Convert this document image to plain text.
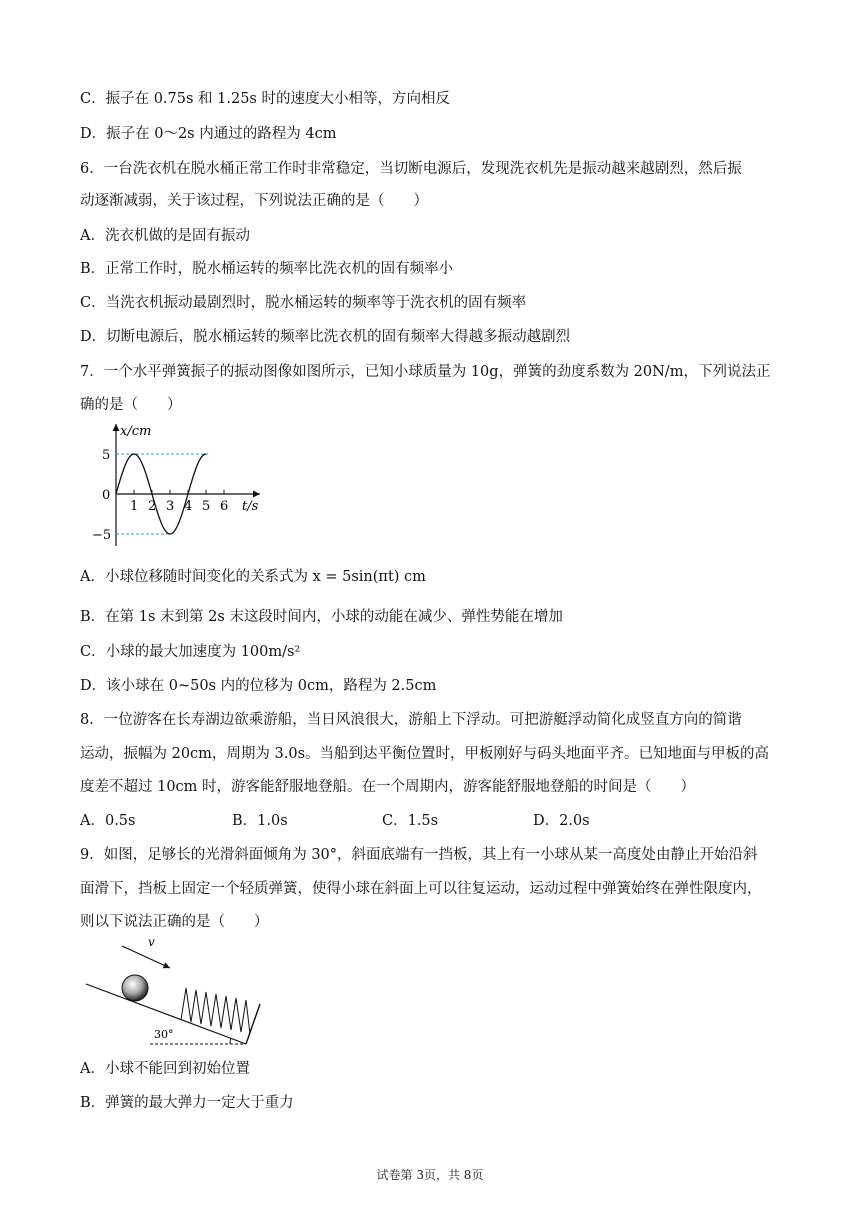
C．振子在 0.75s 和 1.25s 时的速度大小相等，方向相反
D．振子在 0～2s 内通过的路程为 4cm
6．一台洗衣机在脱水桶正常工作时非常稳定，当切断电源后，发现洗衣机先是振动越来越剧烈，然后振
动逐渐减弱，关于该过程，下列说法正确的是（　　）
A．洗衣机做的是固有振动
B．正常工作时，脱水桶运转的频率比洗衣机的固有频率小
C．当洗衣机振动最剧烈时，脱水桶运转的频率等于洗衣机的固有频率
D．切断电源后，脱水桶运转的频率比洗衣机的固有频率大得越多振动越剧烈
7．一个水平弹簧振子的振动图像如图所示，已知小球质量为 10g，弹簧的劲度系数为 20N/m，下列说法正
确的是（　　）
x/cm
t/s
5
0
−5
1 2 3 4 5 6
A．小球位移随时间变化的关系式为 x = 5sin(πt) cm
B．在第 1s 末到第 2s 末这段时间内，小球的动能在减少、弹性势能在增加
C．小球的最大加速度为 100m/s²
D．该小球在 0~50s 内的位移为 0cm，路程为 2.5cm
8．一位游客在长寿湖边欲乘游船，当日风浪很大，游船上下浮动。可把游艇浮动简化成竖直方向的简谐
运动，振幅为 20cm，周期为 3.0s。当船到达平衡位置时，甲板刚好与码头地面平齐。已知地面与甲板的高
度差不超过 10cm 时，游客能舒服地登船。在一个周期内，游客能舒服地登船的时间是（　　）
A．0.5s	B．1.0s	C．1.5s	D．2.0s
9．如图，足够长的光滑斜面倾角为 30°，斜面底端有一挡板，其上有一小球从某一高度处由静止开始沿斜
面滑下，挡板上固定一个轻质弹簧，使得小球在斜面上可以往复运动，运动过程中弹簧始终在弹性限度内，
则以下说法正确的是（　　）
v
30°
A．小球不能回到初始位置
B．弹簧的最大弹力一定大于重力
试卷第 3页，共 8页
